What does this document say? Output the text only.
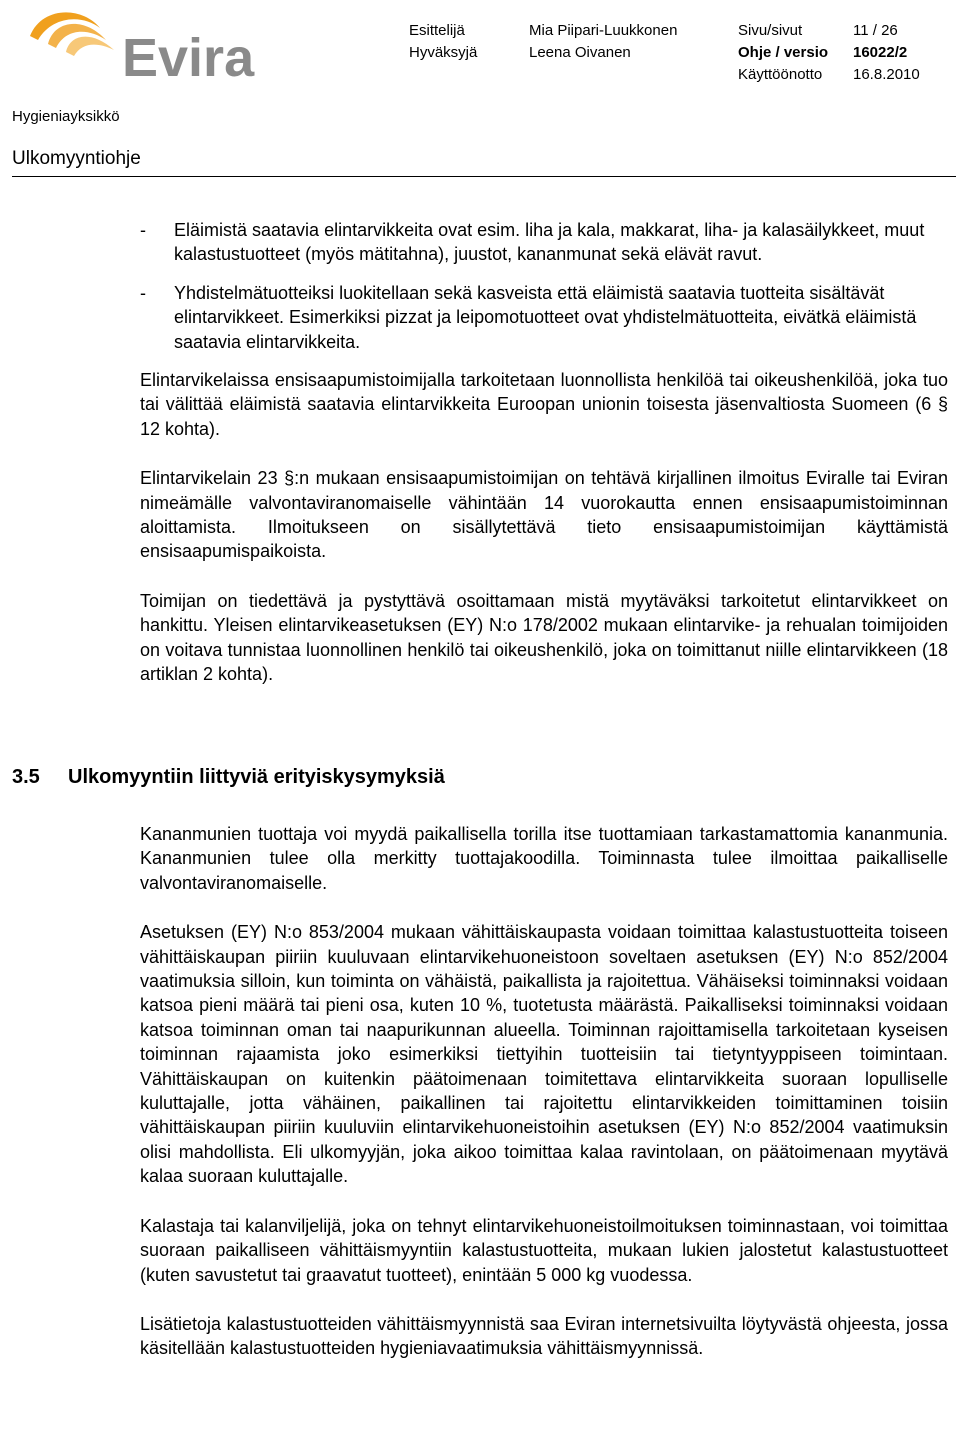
Evira	Esittelijä	Mia Piipari-Luukkonen	Sivu/sivut	11 / 26
Hyväksyjä	Leena Oivanen	Ohje / versio 16022/2
Käyttöönotto 16.8.2010
Hygieniayksikkö
Ulkomyyntiohje
- Eläimistä saatavia elintarvikkeita ovat esim. liha ja kala, makkarat, liha- ja kalasäilykkeet, muut kalastustuotteet (myös mätitahna), juustot, kananmunat sekä elävät ravut.
- Yhdistelmätuotteiksi luokitellaan sekä kasveista että eläimistä saatavia tuotteita sisältävät elintarvikkeet. Esimerkiksi pizzat ja leipomotuotteet ovat yhdistelmätuotteita, eivätkä eläimistä saatavia elintarvikkeita.

Elintarvikelaissa ensisaapumistoimijalla tarkoitetaan luonnollista henkilöä tai oikeushenkilöä, joka tuo tai välittää eläimistä saatavia elintarvikkeita Euroopan unionin toisesta jäsenvaltiosta Suomeen (6 § 12 kohta).

Elintarvikelain 23 §:n mukaan ensisaapumistoimijan on tehtävä kirjallinen ilmoitus Eviralle tai Eviran nimeämälle valvontaviranomaiselle vähintään 14 vuorokautta ennen ensisaapumistoiminnan aloittamista. Ilmoitukseen on sisällytettävä tieto ensisaapumistoimijan käyttämistä ensisaapumispaikoista.

Toimijan on tiedettävä ja pystyttävä osoittamaan mistä myytäväksi tarkoitetut elintarvikkeet on hankittu. Yleisen elintarvikeasetuksen (EY) N:o 178/2002 mukaan elintarvike- ja rehualan toimijoiden on voitava tunnistaa luonnollinen henkilö tai oikeushenkilö, joka on toimittanut niille elintarvikkeen (18 artiklan 2 kohta).

3.5 Ulkomyyntiin liittyviä erityiskysymyksiä

Kananmunien tuottaja voi myydä paikallisella torilla itse tuottamiaan tarkastamattomia kananmunia. Kananmunien tulee olla merkitty tuottajakoodilla. Toiminnasta tulee ilmoittaa paikalliselle valvontaviranomaiselle.

Asetuksen (EY) N:o 853/2004 mukaan vähittäiskaupasta voidaan toimittaa kalastustuotteita toiseen vähittäiskaupan piiriin kuuluvaan elintarvikehuoneistoon soveltaen asetuksen (EY) N:o 852/2004 vaatimuksia silloin, kun toiminta on vähäistä, paikallista ja rajoitettua. Vähäiseksi toiminnaksi voidaan katsoa pieni määrä tai pieni osa, kuten 10 %, tuotetusta määrästä. Paikalliseksi toiminnaksi voidaan katsoa toiminnan oman tai naapurikunnan alueella. Toiminnan rajoittamisella tarkoitetaan kyseisen toiminnan rajaamista joko esimerkiksi tiettyihin tuotteisiin tai tietyntyyppiseen toimintaan. Vähittäiskaupan on kuitenkin päätoimenaan toimitettava elintarvikkeita suoraan lopulliselle kuluttajalle, jotta vähäinen, paikallinen tai rajoitettu elintarvikkeiden toimittaminen toisiin vähittäiskaupan piiriin kuuluviin elintarvikehuoneistoihin asetuksen (EY) N:o 852/2004 vaatimuksin olisi mahdollista. Eli ulkomyyjän, joka aikoo toimittaa kalaa ravintolaan, on päätoimenaan myytävä kalaa suoraan kuluttajalle.

Kalastaja tai kalanviljelijä, joka on tehnyt elintarvikehuoneistoilmoituksen toiminnastaan, voi toimittaa suoraan paikalliseen vähittäismyyntiin kalastustuotteita, mukaan lukien jalostetut kalastustuotteet (kuten savustetut tai graavatut tuotteet), enintään 5 000 kg vuodessa.

Lisätietoja kalastustuotteiden vähittäismyynnistä saa Eviran internetsivuilta löytyvästä ohjeesta, jossa käsitellään kalastustuotteiden hygieniavaatimuksia vähittäismyynnissä.
